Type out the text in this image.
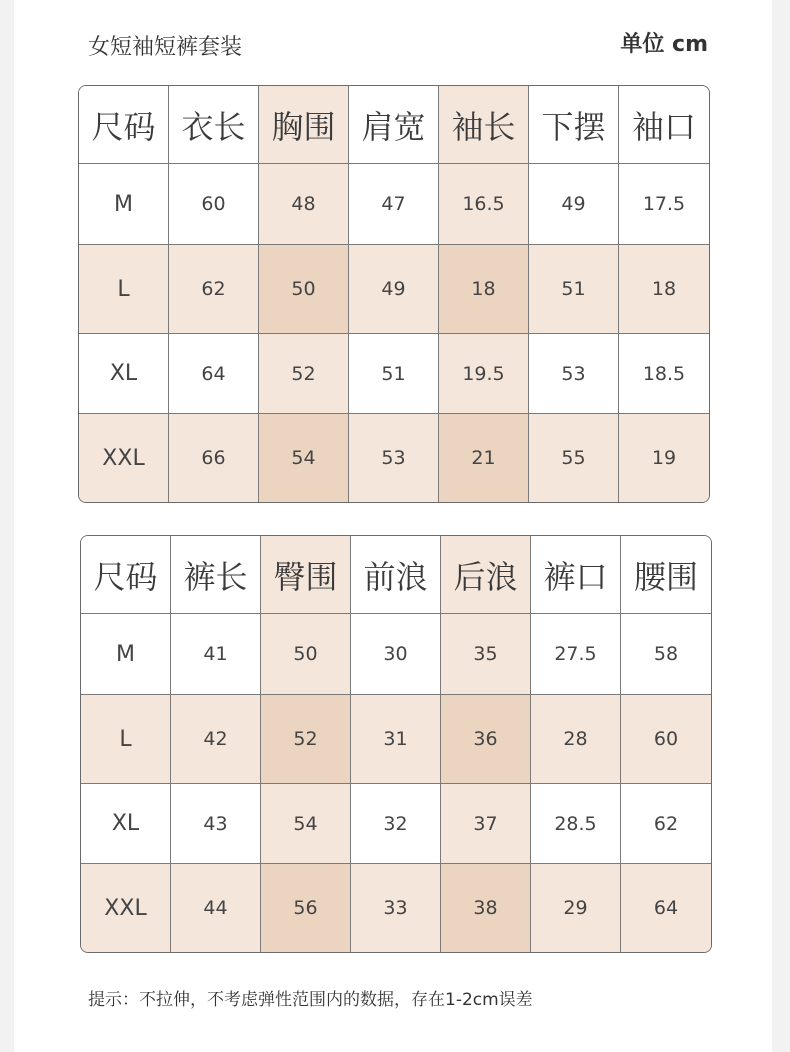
女短袖短裤套装	单位 cm
尺码 衣长 胸围 肩宽 袖长 下摆 袖口
M	60	48	47	16.5	49	17.5
L	62	50	49	18	51	18
XL	64	52	51	19.5	53	18.5
XXL	66	54	53	21	55	19
尺码 裤长 臀围 前浪 后浪 裤口 腰围
M	41	50	30	35	27.5	58
L	42	52	31	36	28	60
XL	43	54	32	37	28.5	62
XXL	44	56	33	38	29	64
提示：不拉伸，不考虑弹性范围内的数据，存在1-2cm误差
